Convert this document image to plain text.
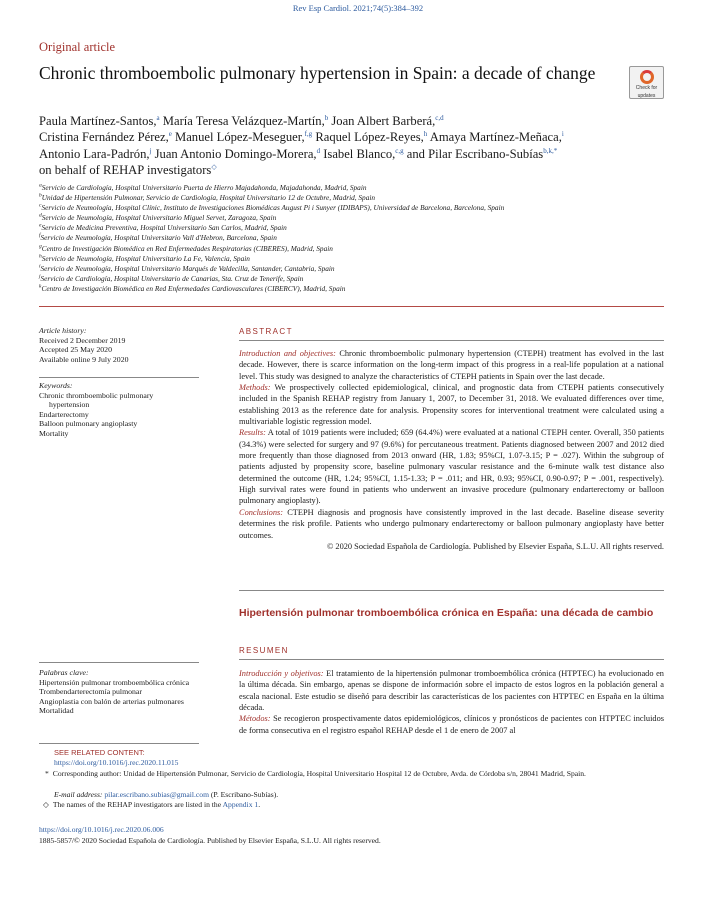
Rev Esp Cardiol. 2021;74(5):384–392
Original article
Chronic thromboembolic pulmonary hypertension in Spain: a decade of change
Check for
updates
Paula Martínez-Santos,$^a$ María Teresa Velázquez-Martín,$^b$ Joan Albert Barberá,$^{c,d}$
Cristina Fernández Pérez,$^e$ Manuel López-Meseguer,$^{f,g}$ Raquel López-Reyes,$^h$ Amaya Martínez-Meñaca,$^i$
Antonio Lara-Padrón,$^j$ Juan Antonio Domingo-Morera,$^d$ Isabel Blanco,$^{c,g}$ and Pilar Escribano-Subías$^{b,k,*}$
on behalf of REHAP investigators◇
$^a$Servicio de Cardiología, Hospital Universitario Puerta de Hierro Majadahonda, Majadahonda, Madrid, Spain
$^b$Unidad de Hipertensión Pulmonar, Servicio de Cardiología, Hospital Universitario 12 de Octubre, Madrid, Spain
$^c$Servicio de Neumología, Hospital Clínic, Instituto de Investigaciones Biomédicas August Pi i Sunyer (IDIBAPS), Universidad de Barcelona, Barcelona, Spain
$^d$Servicio de Neumología, Hospital Universitario Miguel Servet, Zaragoza, Spain
$^e$Servicio de Medicina Preventiva, Hospital Universitario San Carlos, Madrid, Spain
$^f$Servicio de Neumología, Hospital Universitario Vall d'Hebron, Barcelona, Spain
$^g$Centro de Investigación Biomédica en Red Enfermedades Respiratorias (CIBERES), Madrid, Spain
$^h$Servicio de Neumología, Hospital Universitario La Fe, Valencia, Spain
$^i$Servicio de Neumología, Hospital Universitario Marqués de Valdecilla, Santander, Cantabria, Spain
$^j$Servicio de Cardiología, Hospital Universitario de Canarias, Sta. Cruz de Tenerife, Spain
$^k$Centro de Investigación Biomédica en Red Enfermedades Cardiovasculares (CIBERCV), Madrid, Spain
Article history:
Received 2 December 2019
Accepted 25 May 2020
Available online 9 July 2020
Keywords:
Chronic thromboembolic pulmonary hypertension
Endarterectomy
Balloon pulmonary angioplasty
Mortality
ABSTRACT

Introduction and objectives: Chronic thromboembolic pulmonary hypertension (CTEPH) treatment has evolved in the last decade. However, there is scarce information on the long-term impact of this progress in a real-life population at a national level. This study was designed to analyze the characteristics of CTEPH patients in Spain over the last decade.

Methods: We prospectively collected epidemiological, clinical, and prognostic data from CTEPH patients consecutively included in the Spanish REHAP registry from January 1, 2007, to December 31, 2018. We evaluated differences over time, establishing 2013 as the reference date for analysis. Propensity scores for interventional treatment were calculated using a multivariable logistic regression model.

Results: A total of 1019 patients were included; 659 (64.4%) were evaluated at a national CTEPH center. Overall, 350 patients (34.3%) were selected for surgery and 97 (9.6%) for percutaneous treatment. Patients diagnosed between 2007 and 2012 died more frequently than those diagnosed from 2013 onward (HR, 1.83; 95%CI, 1.07-3.15; P = .027). Within the subgroup of patients adjusted by propensity score, baseline pulmonary vascular resistance and the 6-minute walk test distance also determined the outcome (HR, 1.24; 95%CI, 1.15-1.33; P = .011; and HR, 0.93; 95%CI, 0.90-0.97; P = .001, respectively). High survival rates were found in patients who underwent an invasive procedure (pulmonary endarterectomy or balloon pulmonary angioplasty).

Conclusions: CTEPH diagnosis and prognosis have consistently improved in the last decade. Baseline disease severity determines the risk profile. Patients who undergo pulmonary endarterectomy or balloon pulmonary angioplasty have better outcomes.

© 2020 Sociedad Española de Cardiología. Published by Elsevier España, S.L.U. All rights reserved.

Hipertensión pulmonar tromboembólica crónica en España: una década de cambio
RESUMEN
Palabras clave:
Hipertensión pulmonar tromboembólica crónica
Trombendarterectomía pulmonar
Angioplastia con balón de arterias pulmonares
Mortalidad

Introducción y objetivos: El tratamiento de la hipertensión pulmonar tromboembólica crónica (HTPTEC) ha evolucionado en la última década. Sin embargo, apenas se dispone de información sobre el impacto de estos logros en la población general a escala nacional. Este estudio se diseñó para describir las características de los pacientes con HTPTEC en España en la última década.

Métodos: Se recogieron prospectivamente datos epidemiológicos, clínicos y pronósticos de pacientes con HTPTEC incluidos de forma consecutiva en el registro español REHAP desde el 1 de enero de 2007 al

SEE RELATED CONTENT:
https://doi.org/10.1016/j.rec.2020.11.015
* Corresponding author: Unidad de Hipertensión Pulmonar, Servicio de Cardiología, Hospital Universitario Hospital 12 de Octubre, Avda. de Córdoba s/n, 28041 Madrid, Spain.
E-mail address: pilar.escribano.subias@gmail.com (P. Escribano-Subías).
◇ The names of the REHAP investigators are listed in the Appendix 1.
https://doi.org/10.1016/j.rec.2020.06.006
1885-5857/© 2020 Sociedad Española de Cardiología. Published by Elsevier España, S.L.U. All rights reserved.
